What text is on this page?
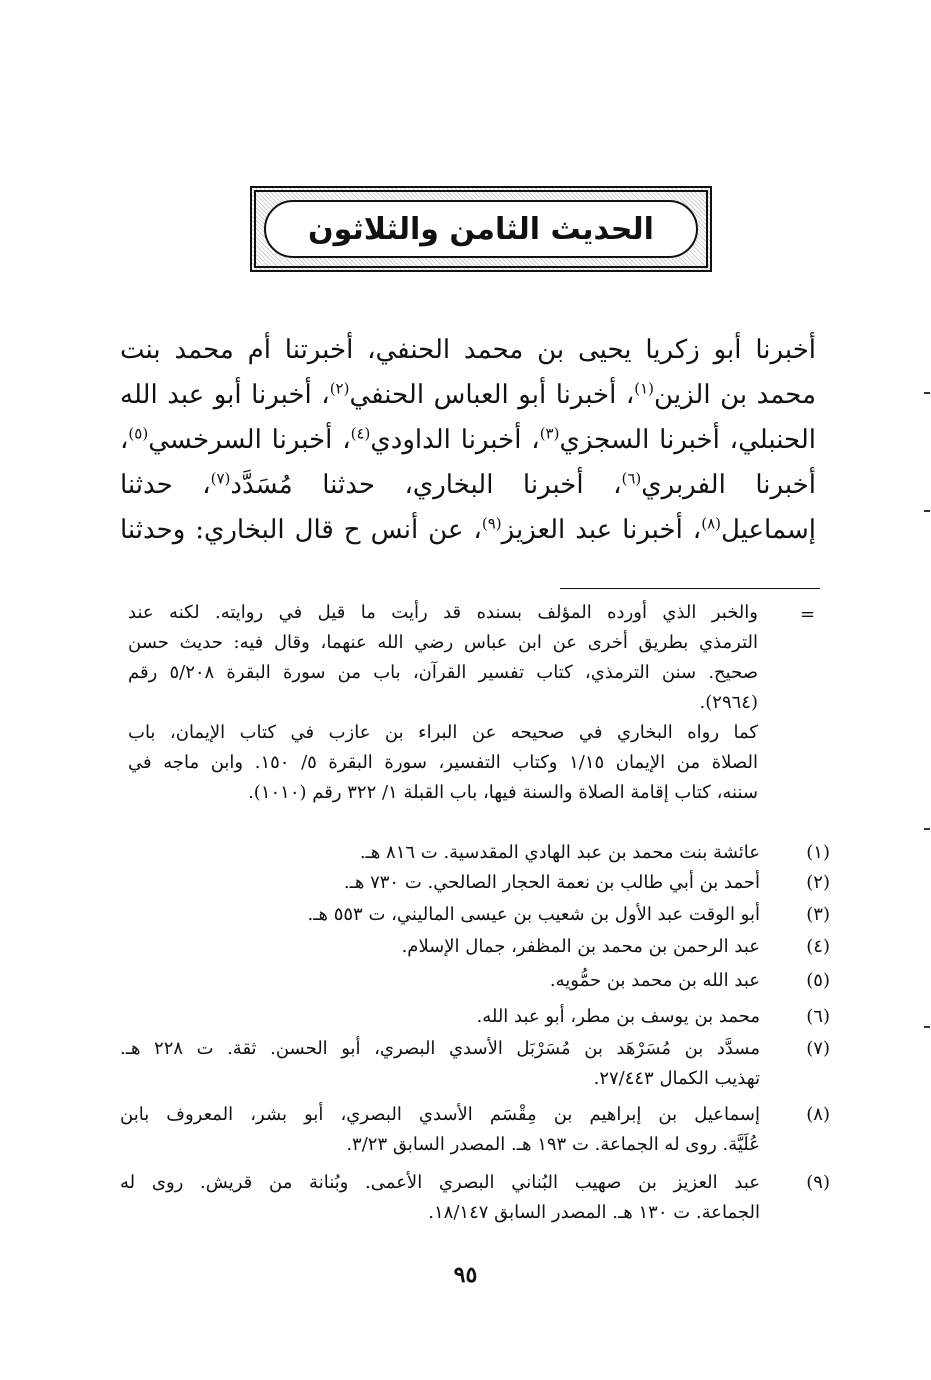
الحديث الثامن والثلاثون
أخبرنا أبو زكريا يحيى بن محمد الحنفي، أخبرتنا أم محمد بنت
محمد بن الزين$^{(١)}$، أخبرنا أبو العباس الحنفي$^{(٢)}$، أخبرنا أبو عبد الله
الحنبلي، أخبرنا السجزي$^{(٣)}$، أخبرنا الداودي$^{(٤)}$، أخبرنا السرخسي$^{(٥)}$،
أخبرنا الفربري$^{(٦)}$، أخبرنا البخاري، حدثنا مُسَدَّد$^{(٧)}$، حدثنا
إسماعيل$^{(٨)}$، أخبرنا عبد العزيز$^{(٩)}$، عن أنس ح قال البخاري: وحدثنا
=
والخبر الذي أورده المؤلف بسنده قد رأيت ما قيل في روايته. لكنه عند
الترمذي بطريق أخرى عن ابن عباس رضي الله عنهما، وقال فيه: حديث حسن
صحيح. سنن الترمذي، كتاب تفسير القرآن، باب من سورة البقرة ٥/٢٠٨ رقم
(٢٩٦٤).
كما رواه البخاري في صحيحه عن البراء بن عازب في كتاب الإيمان، باب
الصلاة من الإيمان ١/١٥ وكتاب التفسير، سورة البقرة ٥/ ١٥٠. وابن ماجه في
سننه، كتاب إقامة الصلاة والسنة فيها، باب القبلة ١/ ٣٢٢ رقم (١٠١٠).
(١)
عائشة بنت محمد بن عبد الهادي المقدسية. ت ٨١٦ هـ.
(٢)
أحمد بن أبي طالب بن نعمة الحجار الصالحي. ت ٧٣٠ هـ.
(٣)
أبو الوقت عبد الأول بن شعيب بن عيسى الماليني، ت ٥٥٣ هـ.
(٤)
عبد الرحمن بن محمد بن المظفر، جمال الإسلام.
(٥)
عبد الله بن محمد بن حمُّويه.
(٦)
محمد بن يوسف بن مطر، أبو عبد الله.
(٧)
مسدَّد بن مُسَرْهَد بن مُسَرْبَل الأسدي البصري، أبو الحسن. ثقة. ت ٢٢٨ هـ.
تهذيب الكمال ٢٧/٤٤٣.
(٨)
إسماعيل بن إبراهيم بن مِقْسَم الأسدي البصري، أبو بشر، المعروف بابن
عُلَيَّة. روى له الجماعة. ت ١٩٣ هـ. المصدر السابق ٣/٢٣.
(٩)
عبد العزيز بن صهيب البُناني البصري الأعمى. وبُنانة من قريش. روى له
الجماعة. ت ١٣٠ هـ. المصدر السابق ١٨/١٤٧.
٩٥
